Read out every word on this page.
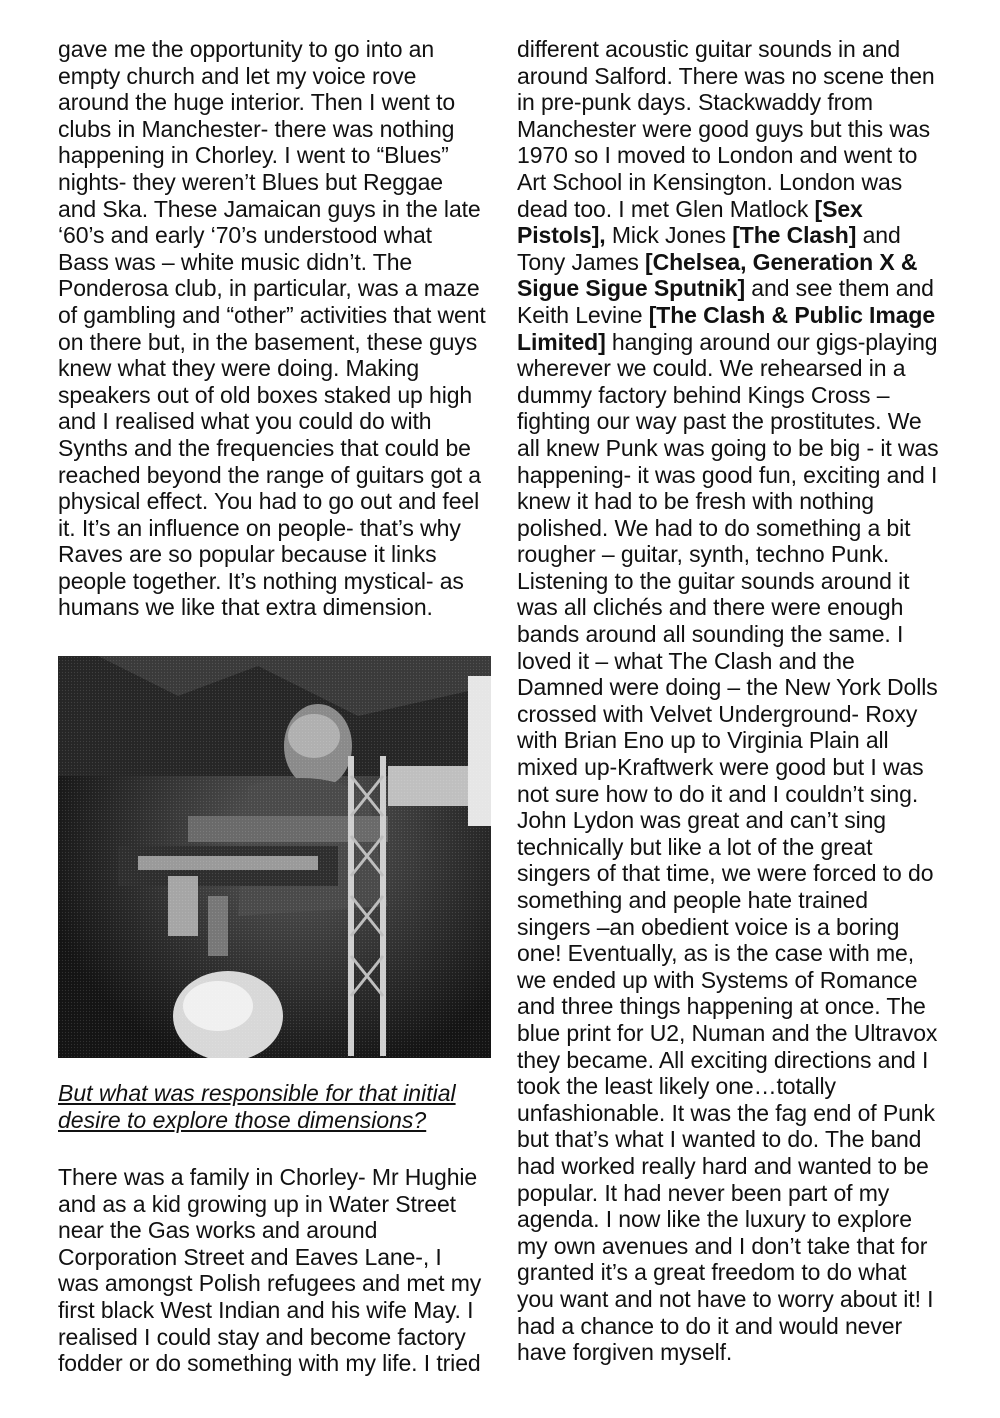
gave me the opportunity to go into an
empty church and let my voice rove
around the huge interior. Then I went to
clubs in Manchester- there was nothing
happening in Chorley. I went to “Blues”
nights- they weren’t Blues but Reggae
and Ska. These Jamaican guys in the late
‘60’s and early ‘70’s understood what
Bass was – white music didn’t. The
Ponderosa club, in particular, was a maze
of gambling and “other” activities that went
on there but, in the basement, these guys
knew what they were doing. Making
speakers out of old boxes staked up high
and I realised what you could do with
Synths and the frequencies that could be
reached beyond the range of guitars got a
physical effect. You had to go out and feel
it. It’s an influence on people- that’s why
Raves are so popular because it links
people together. It’s nothing mystical- as
humans we like that extra dimension.
But what was responsible for that initial
desire to explore those dimensions?
There was a family in Chorley- Mr Hughie
and as a kid growing up in Water Street
near the Gas works and around
Corporation Street and Eaves Lane-, I
was amongst Polish refugees and met my
first black West Indian and his wife May. I
realised I could stay and become factory
fodder or do something with my life. I tried
different acoustic guitar sounds in and
around Salford. There was no scene then
in pre-punk days. Stackwaddy from
Manchester were good guys but this was
1970 so I moved to London and went to
Art School in Kensington. London was
dead too. I met Glen Matlock [Sex
Pistols], Mick Jones [The Clash] and
Tony James [Chelsea, Generation X &
Sigue Sigue Sputnik] and see them and
Keith Levine [The Clash & Public Image
Limited] hanging around our gigs-playing
wherever we could. We rehearsed in a
dummy factory behind Kings Cross –
fighting our way past the prostitutes. We
all knew Punk was going to be big - it was
happening- it was good fun, exciting and I
knew it had to be fresh with nothing
polished. We had to do something a bit
rougher – guitar, synth, techno Punk.
Listening to the guitar sounds around it
was all clichés and there were enough
bands around all sounding the same. I
loved it – what The Clash and the
Damned were doing – the New York Dolls
crossed with Velvet Underground- Roxy
with Brian Eno up to Virginia Plain all
mixed up-Kraftwerk were good but I was
not sure how to do it and I couldn’t sing.
John Lydon was great and can’t sing
technically but like a lot of the great
singers of that time, we were forced to do
something and people hate trained
singers –an obedient voice is a boring
one! Eventually, as is the case with me,
we ended up with Systems of Romance
and three things happening at once. The
blue print for U2, Numan and the Ultravox
they became. All exciting directions and I
took the least likely one…totally
unfashionable. It was the fag end of Punk
but that’s what I wanted to do. The band
had worked really hard and wanted to be
popular. It had never been part of my
agenda. I now like the luxury to explore
my own avenues and I don’t take that for
granted it’s a great freedom to do what
you want and not have to worry about it! I
had a chance to do it and would never
have forgiven myself.
